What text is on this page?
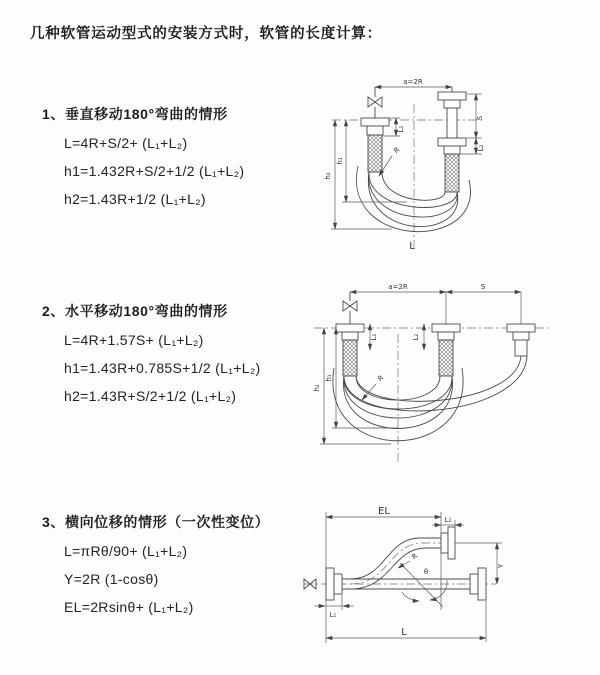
几种软管运动型式的安装方式时，软管的长度计算：
1、垂直移动180°弯曲的情形
L=4R+S/2+ (L₁+L₂)
h1=1.432R+S/2+1/2 (L₁+L₂)
h2=1.43R+1/2 (L₁+L₂)
a=2R
S
L₂
L₁
h₁
h₂
R
L
2、水平移动180°弯曲的情形
L=4R+1.57S+ (L₁+L₂)
h1=1.43R+0.785S+1/2 (L₁+L₂)
h2=1.43R+S/2+1/2 (L₁+L₂)
a=2R	S
L₁	L₂
h₁
h₂
R
3、横向位移的情形（一次性变位）
L=πRθ/90+ (L₁+L₂)
Y=2R (1-cosθ)
EL=2Rsinθ+ (L₁+L₂)
EL
L₂
Y
R
θ
L
L₁
